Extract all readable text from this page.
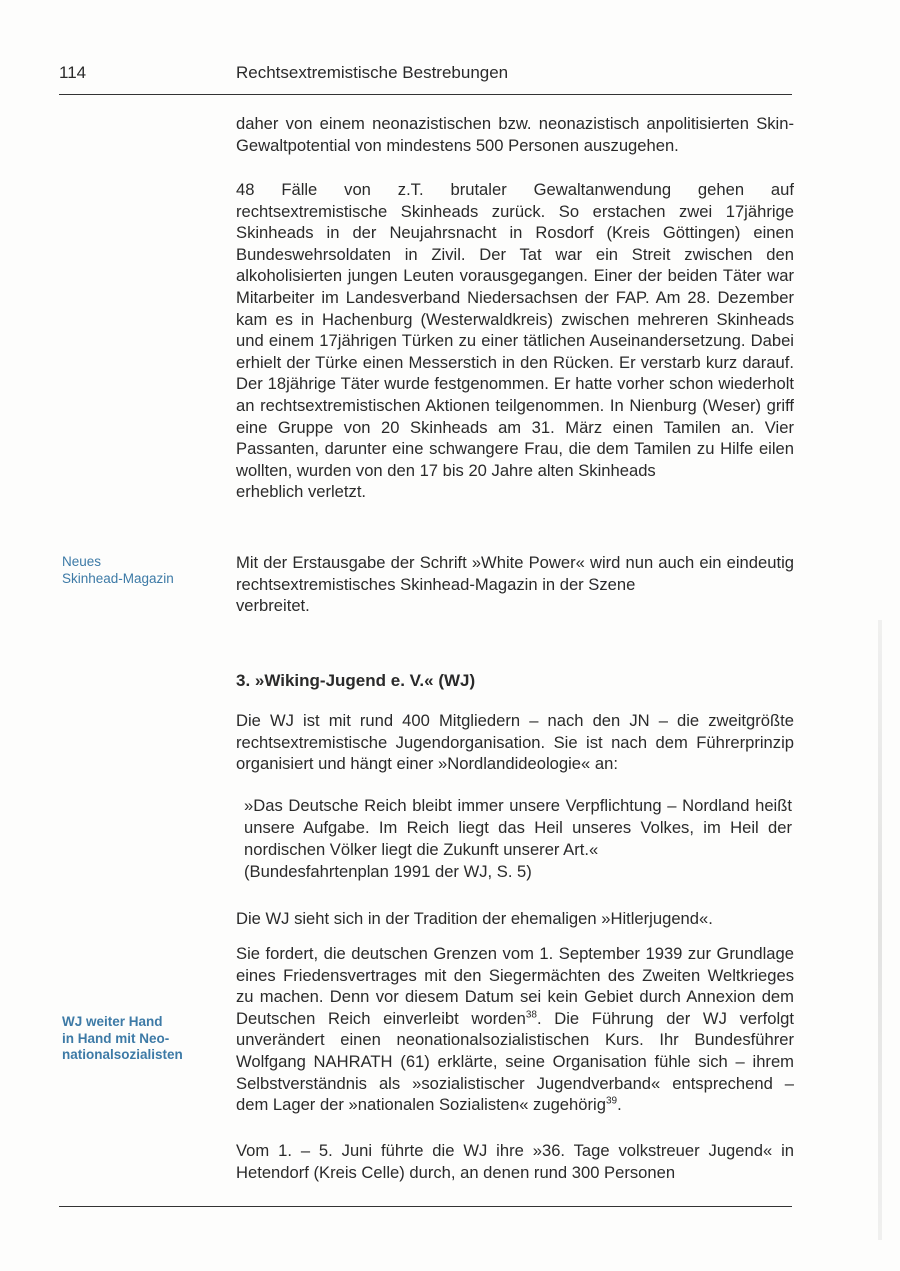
114	Rechtsextremistische Bestrebungen

daher von einem neonazistischen bzw. neonazistisch anpolitisierten Skin-Gewaltpotential von mindestens 500 Personen auszugehen.

48 Fälle von z.T. brutaler Gewaltanwendung gehen auf rechtsextremistische Skinheads zurück. So erstachen zwei 17jährige Skinheads in der Neujahrsnacht in Rosdorf (Kreis Göttingen) einen Bundeswehrsoldaten in Zivil. Der Tat war ein Streit zwischen den alkoholisierten jungen Leuten vorausgegangen. Einer der beiden Täter war Mitarbeiter im Landesverband Niedersachsen der FAP. Am 28. Dezember kam es in Hachenburg (Westerwaldkreis) zwischen mehreren Skinheads und einem 17jährigen Türken zu einer tätlichen Auseinandersetzung. Dabei erhielt der Türke einen Messerstich in den Rücken. Er verstarb kurz darauf. Der 18jährige Täter wurde festgenommen. Er hatte vorher schon wiederholt an rechtsextremistischen Aktionen teilgenommen. In Nienburg (Weser) griff eine Gruppe von 20 Skinheads am 31. März einen Tamilen an. Vier Passanten, darunter eine schwangere Frau, die dem Tamilen zu Hilfe eilen wollten, wurden von den 17 bis 20 Jahre alten Skinheads
erheblich verletzt.

Mit der Erstausgabe der Schrift »White Power« wird nun auch ein eindeutig rechtsextremistisches Skinhead-Magazin in der Szene
verbreitet.

Neues
Skinhead-Magazin
3. »Wiking-Jugend e. V.« (WJ)

Die WJ ist mit rund 400 Mitgliedern – nach den JN – die zweitgrößte rechtsextremistische Jugendorganisation. Sie ist nach dem Führerprinzip organisiert und hängt einer »Nordlandideologie« an:

»Das Deutsche Reich bleibt immer unsere Verpflichtung – Nordland heißt unsere Aufgabe. Im Reich liegt das Heil unseres Volkes, im Heil der nordischen Völker liegt die Zukunft unserer Art.«
(Bundesfahrtenplan 1991 der WJ, S. 5)

Die WJ sieht sich in der Tradition der ehemaligen »Hitlerjugend«.

Sie fordert, die deutschen Grenzen vom 1. September 1939 zur Grundlage eines Friedensvertrages mit den Siegermächten des Zweiten Weltkrieges zu machen. Denn vor diesem Datum sei kein Gebiet durch Annexion dem Deutschen Reich einverleibt worden$^{38}$. Die Führung der WJ verfolgt unverändert einen neonationalsozialistischen Kurs. Ihr Bundesführer Wolfgang NAHRATH (61) erklärte, seine Organisation fühle sich – ihrem Selbstverständnis als »sozialistischer Jugendverband« entsprechend – dem Lager der »nationalen Sozialisten« zugehörig$^{39}$.

Vom 1. – 5. Juni führte die WJ ihre »36. Tage volkstreuer Jugend« in Hetendorf (Kreis Celle) durch, an denen rund 300 Personen

WJ weiter Hand
in Hand mit Neo-
nationalsozialisten
